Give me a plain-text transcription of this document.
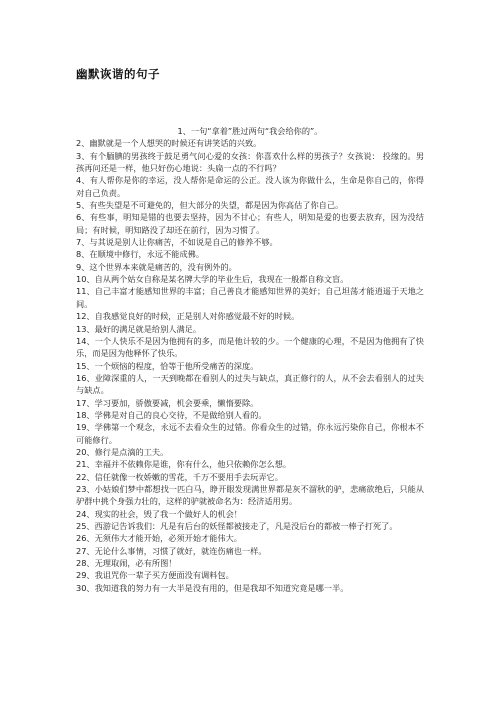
幽默诙谐的句子

1、一句“拿着”胜过两句“我会给你的”。

2、幽默就是一个人想哭的时候还有讲笑话的兴致。

3、有个腼腆的男孩终于鼓足勇气问心爱的女孩：你喜欢什么样的男孩子？女孩说： 投缘的。男孩再问还是一样，他只好伤心地说：头扁一点的不行吗？

4、有人帮你是你的幸运，没人帮你是命运的公正。没人该为你做什么，生命是你自己的，你得对自己负责。

5、有些失望是不可避免的，但大部分的失望，都是因为你高估了你自己。

6、有些事，明知是错的也要去坚持，因为不甘心；有些人，明知是爱的也要去放弃，因为没结局；有时候，明知路没了却还在前行，因为习惯了。

7、与其说是别人让你痛苦，不如说是自己的修养不够。

8、在顺境中修行，永远不能成佛。

9、这个世界本来就是痛苦的，没有例外的。

10、自从两个姑女自称是某名牌大学的毕业生后，我现在一般都自称文盲。

11、自己丰富才能感知世界的丰富；自己善良才能感知世界的美好；自己坦荡才能逍遥于天地之间。

12、自我感觉良好的时候，正是别人对你感觉最不好的时候。

13、最好的满足就是给别人满足。

14、一个人快乐不是因为他拥有的多，而是他计较的少。一个健康的心理，不是因为他拥有了快乐，而是因为他释怀了快乐。

15、一个烦恼的程度，恰等于他所受痛苦的深度。

16、业障深重的人，一天到晚都在看别人的过失与缺点，真正修行的人，从不会去看别人的过失与缺点。

17、学习要加，骄傲要减，机会要乘，懒惰要除。

18、学佛是对自己的良心交待，不是做给别人看的。

19、学佛第一个观念，永远不去看众生的过错。你看众生的过错，你永远污染你自己，你根本不可能修行。

20、修行是点滴的工夫。

21、幸福并不依赖你是谁，你有什么，他只依赖你怎么想。

22、信任就像一枚娇嫩的雪花，千万不要用手去玩弄它。

23、小姑娘们梦中都想找一匹白马，睁开眼发现满世界都是灰不溜秋的驴，悲痛欲绝后，只能从驴群中挑个身强力壮的，这样的驴就被命名为：经济适用男。

24、现实的社会，毁了我一个做好人的机会！

25、西游记告诉我们：凡是有后台的妖怪都被接走了，凡是没后台的都被一棒子打死了。

26、无须伟大才能开始，必须开始才能伟大。

27、无论什么事情，习惯了就好，就连伤痛也一样。

28、无理取闹，必有所图！

29、我诅咒你一辈子买方便面没有调料包。

30、我知道我的努力有一大半是没有用的，但是我却不知道究竟是哪一半。
